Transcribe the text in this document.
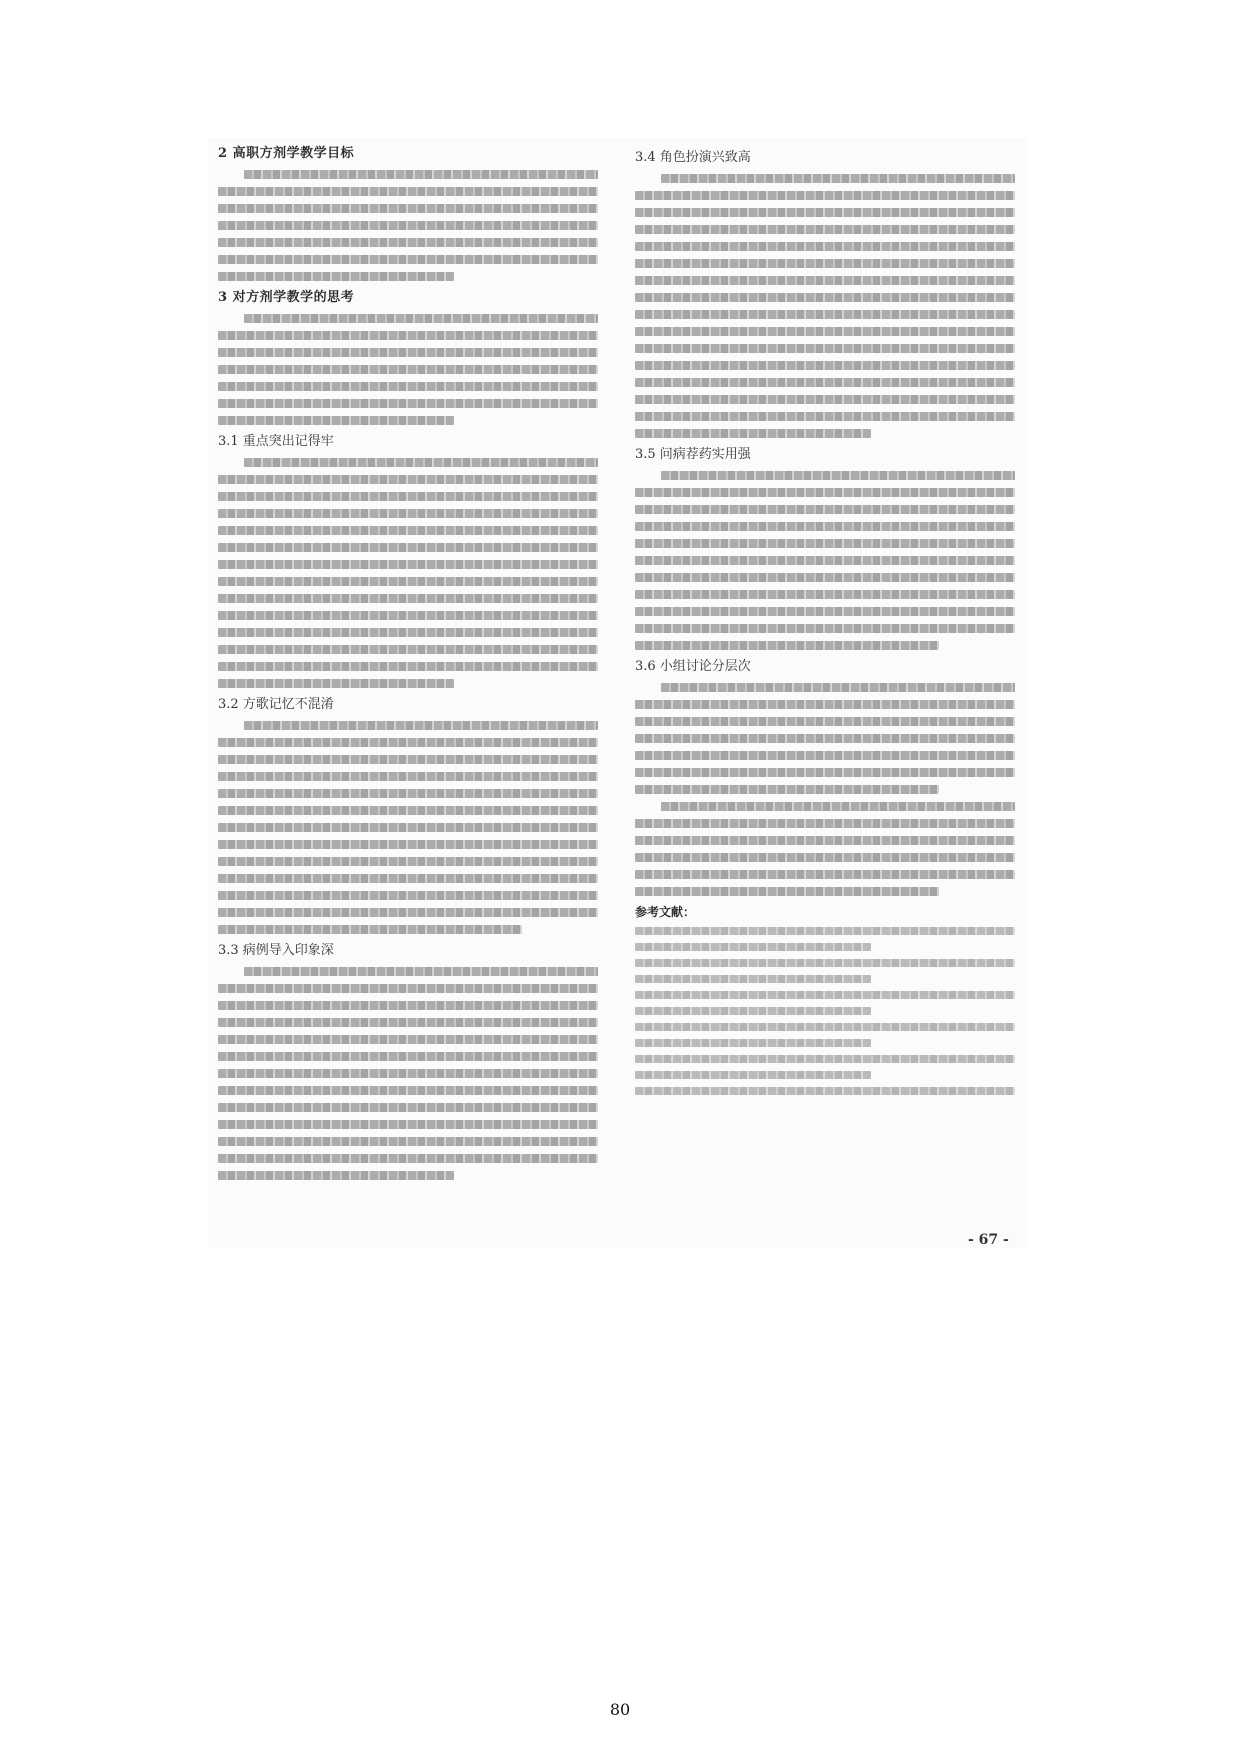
2 高职方剂学教学目标
3 对方剂学教学的思考
3.1 重点突出记得牢
3.2 方歌记忆不混淆
3.3 病例导入印象深
3.4 角色扮演兴致高
3.5 问病荐药实用强
3.6 小组讨论分层次
参考文献：
- 67 -
80
